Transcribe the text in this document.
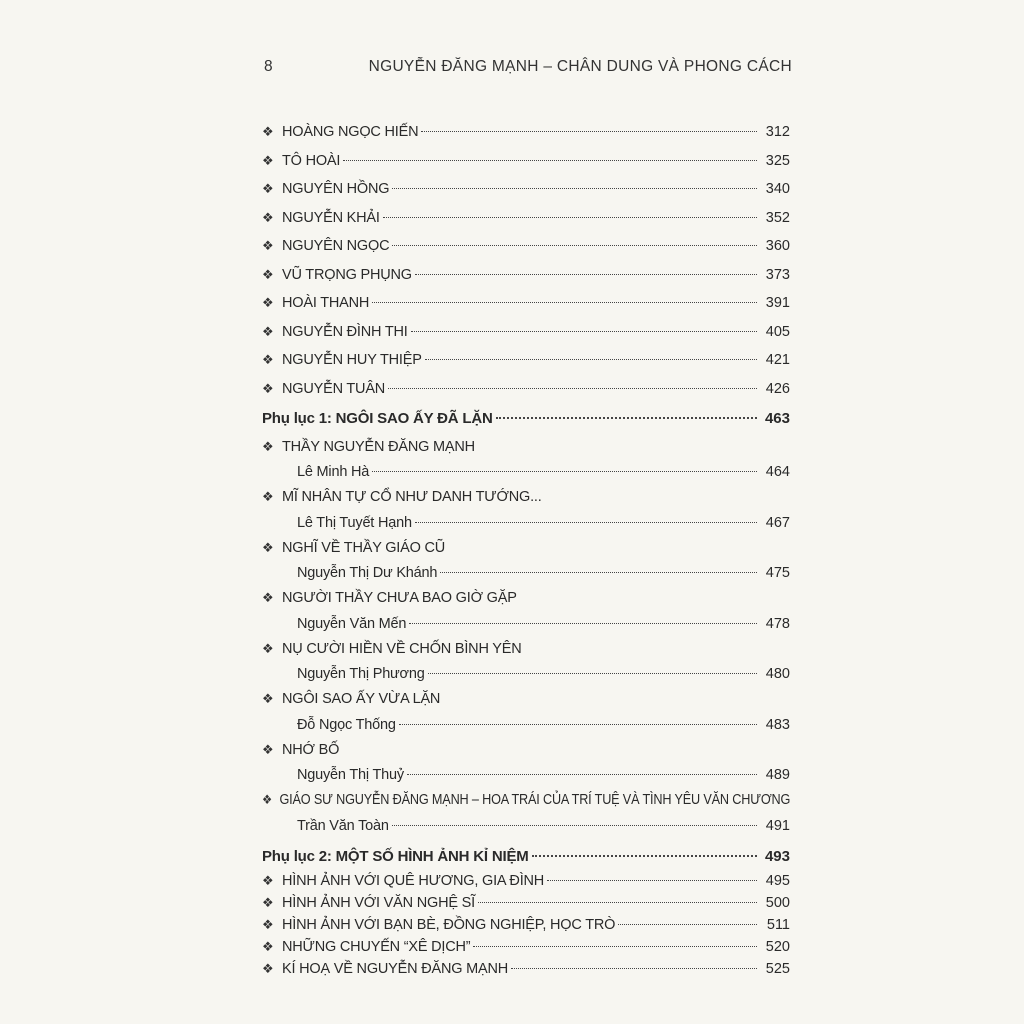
8	NGUYỄN ĐĂNG MẠNH – CHÂN DUNG VÀ PHONG CÁCH
❖ HOÀNG NGỌC HIẾN	312
❖ TÔ HOÀI	325
❖ NGUYÊN HỒNG	340
❖ NGUYỄN KHẢI	352
❖ NGUYÊN NGỌC	360
❖ VŨ TRỌNG PHỤNG	373
❖ HOÀI THANH	391
❖ NGUYỄN ĐÌNH THI	405
❖ NGUYỄN HUY THIỆP	421
❖ NGUYỄN TUÂN	426
Phụ lục 1: NGÔI SAO ẤY ĐÃ LẶN	463
❖ THẦY NGUYỄN ĐĂNG MẠNH
Lê Minh Hà	464
❖ MĨ NHÂN TỰ CỔ NHƯ DANH TƯỚNG...
Lê Thị Tuyết Hạnh	467
❖ NGHĨ VỀ THẦY GIÁO CŨ
Nguyễn Thị Dư Khánh	475
❖ NGƯỜI THẦY CHƯA BAO GIỜ GẶP
Nguyễn Văn Mến	478
❖ NỤ CƯỜI HIỀN VỀ CHỐN BÌNH YÊN
Nguyễn Thị Phương	480
❖ NGÔI SAO ẤY VỪA LẶN
Đỗ Ngọc Thống	483
❖ NHỚ BỐ
Nguyễn Thị Thuỷ	489
❖ GIÁO SƯ NGUYỄN ĐĂNG MẠNH – HOA TRÁI CỦA TRÍ TUỆ VÀ TÌNH YÊU VĂN CHƯƠNG
Trần Văn Toàn	491
Phụ lục 2: MỘT SỐ HÌNH ẢNH KỈ NIỆM	493
❖ HÌNH ẢNH VỚI QUÊ HƯƠNG, GIA ĐÌNH	495
❖ HÌNH ẢNH VỚI VĂN NGHỆ SĨ	500
❖ HÌNH ẢNH VỚI BẠN BÈ, ĐỒNG NGHIỆP, HỌC TRÒ	511
❖ NHỮNG CHUYẾN “XÊ DỊCH”	520
❖ KÍ HOẠ VỀ NGUYỄN ĐĂNG MẠNH	525
